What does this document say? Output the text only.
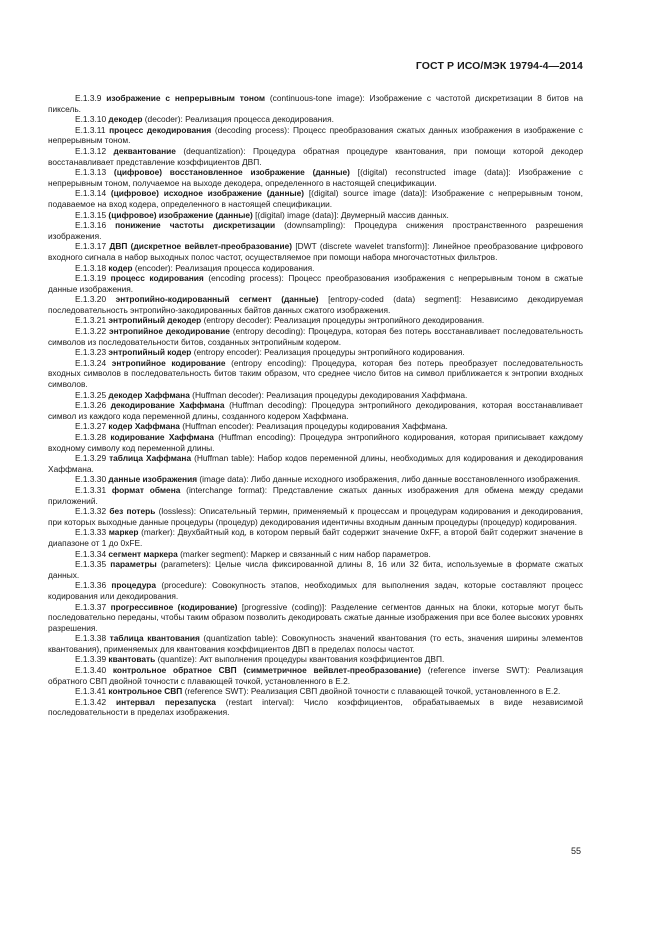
ГОСТ Р ИСО/МЭК 19794-4—2014

E.1.3.9 изображение с непрерывным тоном (continuous-tone image): Изображение с частотой дискретизации 8 битов на пиксель.

E.1.3.10 декодер (decoder): Реализация процесса декодирования.

E.1.3.11 процесс декодирования (decoding process): Процесс преобразования сжатых данных изображения в изображение с непрерывным тоном.

E.1.3.12 деквантование (dequantization): Процедура обратная процедуре квантования, при помощи которой декодер восстанавливает представление коэффициентов ДВП.

E.1.3.13 (цифровое) восстановленное изображение (данные) [(digital) reconstructed image (data)]: Изображение с непрерывным тоном, получаемое на выходе декодера, определенного в настоящей спецификации.

E.1.3.14 (цифровое) исходное изображение (данные) [(digital) source image (data)]: Изображение с непрерывным тоном, подаваемое на вход кодера, определенного в настоящей спецификации.

E.1.3.15 (цифровое) изображение (данные) [(digital) image (data)]: Двумерный массив данных.

E.1.3.16 понижение частоты дискретизации (downsampling): Процедура снижения пространственного разрешения изображения.

E.1.3.17 ДВП (дискретное вейвлет-преобразование) [DWT (discrete wavelet transform)]: Линейное преобразование цифрового входного сигнала в набор выходных полос частот, осуществляемое при помощи набора многочастотных фильтров.

E.1.3.18 кодер (encoder): Реализация процесса кодирования.

E.1.3.19 процесс кодирования (encoding process): Процесс преобразования изображения с непрерывным тоном в сжатые данные изображения.

E.1.3.20 энтропийно-кодированный сегмент (данные) [entropy-coded (data) segment]: Независимо декодируемая последовательность энтропийно-закодированных байтов данных сжатого изображения.

E.1.3.21 энтропийный декодер (entropy decoder): Реализация процедуры энтропийного декодирования.

E.1.3.22 энтропийное декодирование (entropy decoding): Процедура, которая без потерь восстанавливает последовательность символов из последовательности битов, созданных энтропийным кодером.

E.1.3.23 энтропийный кодер (entropy encoder): Реализация процедуры энтропийного кодирования.

E.1.3.24 энтропийное кодирование (entropy encoding): Процедура, которая без потерь преобразует последовательность входных символов в последовательность битов таким образом, что среднее число битов на символ приближается к энтропии входных символов.

E.1.3.25 декодер Хаффмана (Huffman decoder): Реализация процедуры декодирования Хаффмана.

E.1.3.26 декодирование Хаффмана (Huffman decoding): Процедура энтропийного декодирования, которая восстанавливает символ из каждого кода переменной длины, созданного кодером Хаффмана.

E.1.3.27 кодер Хаффмана (Huffman encoder): Реализация процедуры кодирования Хаффмана.

E.1.3.28 кодирование Хаффмана (Huffman encoding): Процедура энтропийного кодирования, которая приписывает каждому входному символу код переменной длины.

E.1.3.29 таблица Хаффмана (Huffman table): Набор кодов переменной длины, необходимых для кодирования и декодирования Хаффмана.

E.1.3.30 данные изображения (image data): Либо данные исходного изображения, либо данные восстановленного изображения.

E.1.3.31 формат обмена (interchange format): Представление сжатых данных изображения для обмена между средами приложений.

E.1.3.32 без потерь (lossless): Описательный термин, применяемый к процессам и процедурам кодирования и декодирования, при которых выходные данные процедуры (процедур) декодирования идентичны входным данным процедуры (процедур) кодирования.

E.1.3.33 маркер (marker): Двухбайтный код, в котором первый байт содержит значение 0xFF, а второй байт содержит значение в диапазоне от 1 до 0xFE.

E.1.3.34 сегмент маркера (marker segment): Маркер и связанный с ним набор параметров.

E.1.3.35 параметры (parameters): Целые числа фиксированной длины 8, 16 или 32 бита, используемые в формате сжатых данных.

E.1.3.36 процедура (procedure): Совокупность этапов, необходимых для выполнения задач, которые составляют процесс кодирования или декодирования.

E.1.3.37 прогрессивное (кодирование) [progressive (coding)]: Разделение сегментов данных на блоки, которые могут быть последовательно переданы, чтобы таким образом позволить декодировать сжатые данные изображения при все более высоких уровнях разрешения.

E.1.3.38 таблица квантования (quantization table): Совокупность значений квантования (то есть, значения ширины элементов квантования), применяемых для квантования коэффициентов ДВП в пределах полосы частот.

E.1.3.39 квантовать (quantize): Акт выполнения процедуры квантования коэффициентов ДВП.

E.1.3.40 контрольное обратное СВП (симметричное вейвлет-преобразование) (reference inverse SWT): Реализация обратного СВП двойной точности с плавающей точкой, установленного в E.2.

E.1.3.41 контрольное СВП (reference SWT): Реализация СВП двойной точности с плавающей точкой, установленного в E.2.

E.1.3.42 интервал перезапуска (restart interval): Число коэффициентов, обрабатываемых в виде независимой последовательности в пределах изображения.

55
